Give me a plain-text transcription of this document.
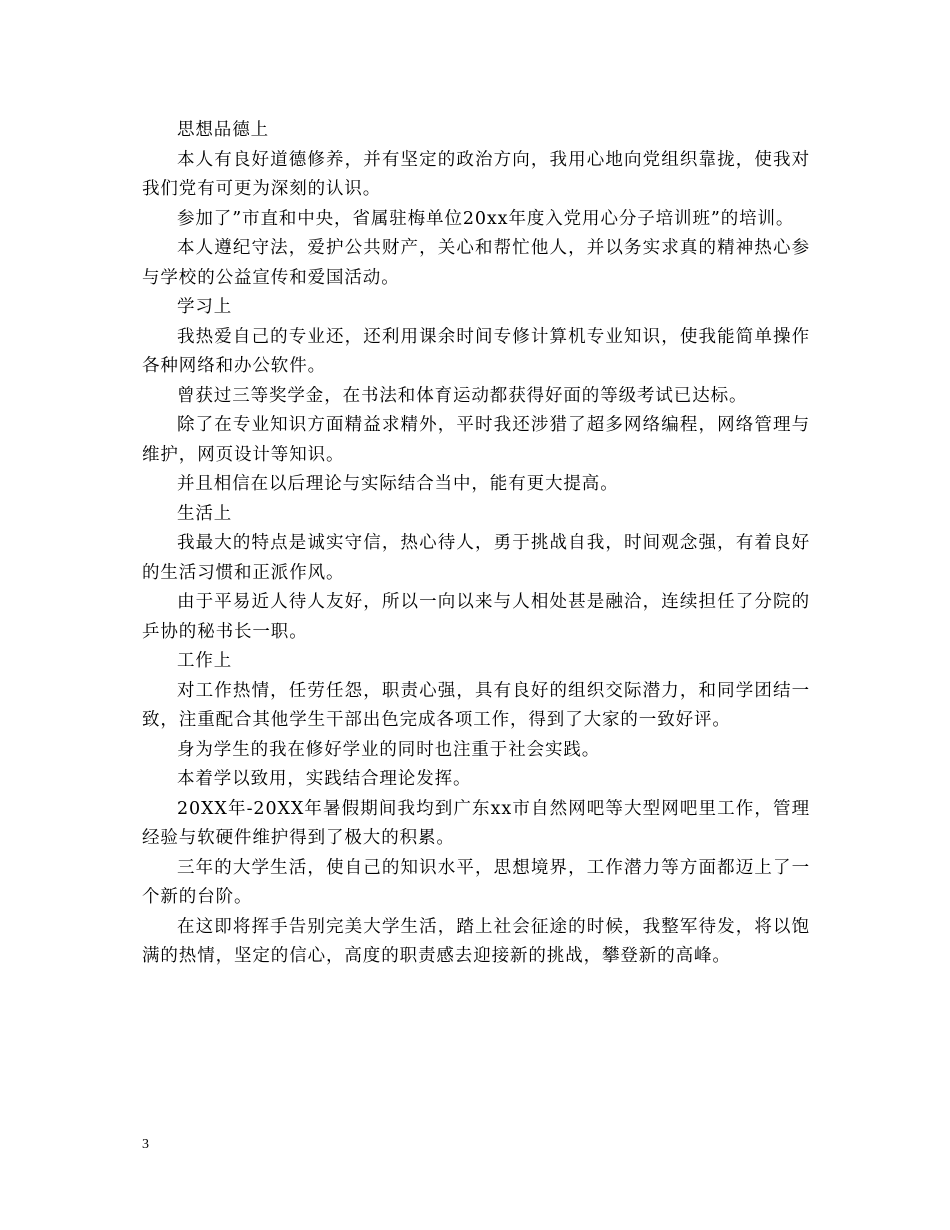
思想品德上

本人有良好道德修养，并有坚定的政治方向，我用心地向党组织靠拢，使我对我们党有可更为深刻的认识。

参加了”市直和中央，省属驻梅单位20xx年度入党用心分子培训班”的培训。

本人遵纪守法，爱护公共财产，关心和帮忙他人，并以务实求真的精神热心参与学校的公益宣传和爱国活动。

学习上

我热爱自己的专业还，还利用课余时间专修计算机专业知识，使我能简单操作各种网络和办公软件。

曾获过三等奖学金，在书法和体育运动都获得好面的等级考试已达标。

除了在专业知识方面精益求精外，平时我还涉猎了超多网络编程，网络管理与维护，网页设计等知识。

并且相信在以后理论与实际结合当中，能有更大提高。

生活上

我最大的特点是诚实守信，热心待人，勇于挑战自我，时间观念强，有着良好的生活习惯和正派作风。

由于平易近人待人友好，所以一向以来与人相处甚是融洽，连续担任了分院的乒协的秘书长一职。

工作上

对工作热情，任劳任怨，职责心强，具有良好的组织交际潜力，和同学团结一致，注重配合其他学生干部出色完成各项工作，得到了大家的一致好评。

身为学生的我在修好学业的同时也注重于社会实践。

本着学以致用，实践结合理论发挥。

20XX年-20XX年暑假期间我均到广东xx市自然网吧等大型网吧里工作，管理经验与软硬件维护得到了极大的积累。

三年的大学生活，使自己的知识水平，思想境界，工作潜力等方面都迈上了一个新的台阶。

在这即将挥手告别完美大学生活，踏上社会征途的时候，我整军待发，将以饱满的热情，坚定的信心，高度的职责感去迎接新的挑战，攀登新的高峰。

3
